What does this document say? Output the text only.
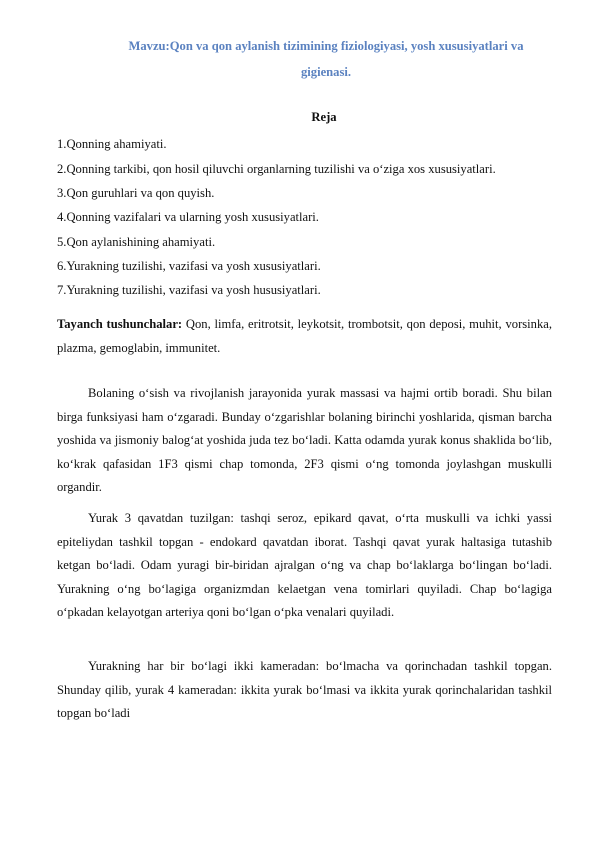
Mavzu:Qon va qon aylanish tizimining fiziologiyasi, yosh xususiyatlari va
gigienasi.
Reja
1.Qonning ahamiyati.
2.Qonning tarkibi, qon hosil qiluvchi organlarning tuzilishi va o‘ziga xos xususiyatlari.
3.Qon guruhlari va qon quyish.
4.Qonning vazifalari va ularning yosh xususiyatlari.
5.Qon aylanishining ahamiyati.
6.Yurakning tuzilishi, vazifasi va yosh xususiyatlari.
7.Yurakning tuzilishi, vazifasi va yosh hususiyatlari.
Tayanch tushunchalar: Qon, limfa, eritrotsit, leykotsit, trombotsit, qon deposi, muhit, vorsinka, plazma, gemoglabin, immunitet.
Bolaning o‘sish va rivojlanish jarayonida yurak massasi va hajmi ortib boradi. Shu bilan birga funksiyasi ham o‘zgaradi. Bunday o‘zgarishlar bolaning birinchi yoshlarida, qisman barcha yoshida va jismoniy balog‘at yoshida juda tez bo‘ladi. Katta odamda yurak konus shaklida bo‘lib, ko‘krak qafasidan 1F3 qismi chap tomonda, 2F3 qismi o‘ng tomonda joylashgan muskulli organdir.
Yurak 3 qavatdan tuzilgan: tashqi seroz, epikard qavat, o‘rta muskulli va ichki yassi epiteliydan tashkil topgan - endokard qavatdan iborat. Tashqi qavat yurak haltasiga tutashib ketgan bo‘ladi. Odam yuragi bir-biridan ajralgan o‘ng va chap bo‘laklarga bo‘lingan bo‘ladi. Yurakning o‘ng bo‘lagiga organizmdan kelaetgan vena tomirlari quyiladi. Chap bo‘lagiga o‘pkadan kelayotgan arteriya qoni bo‘lgan o‘pka venalari quyiladi.
Yurakning har bir bo‘lagi ikki kameradan: bo‘lmacha va qorinchadan tashkil topgan. Shunday qilib, yurak 4 kameradan: ikkita yurak bo‘lmasi va ikkita yurak qorinchalaridan tashkil topgan bo‘ladi
